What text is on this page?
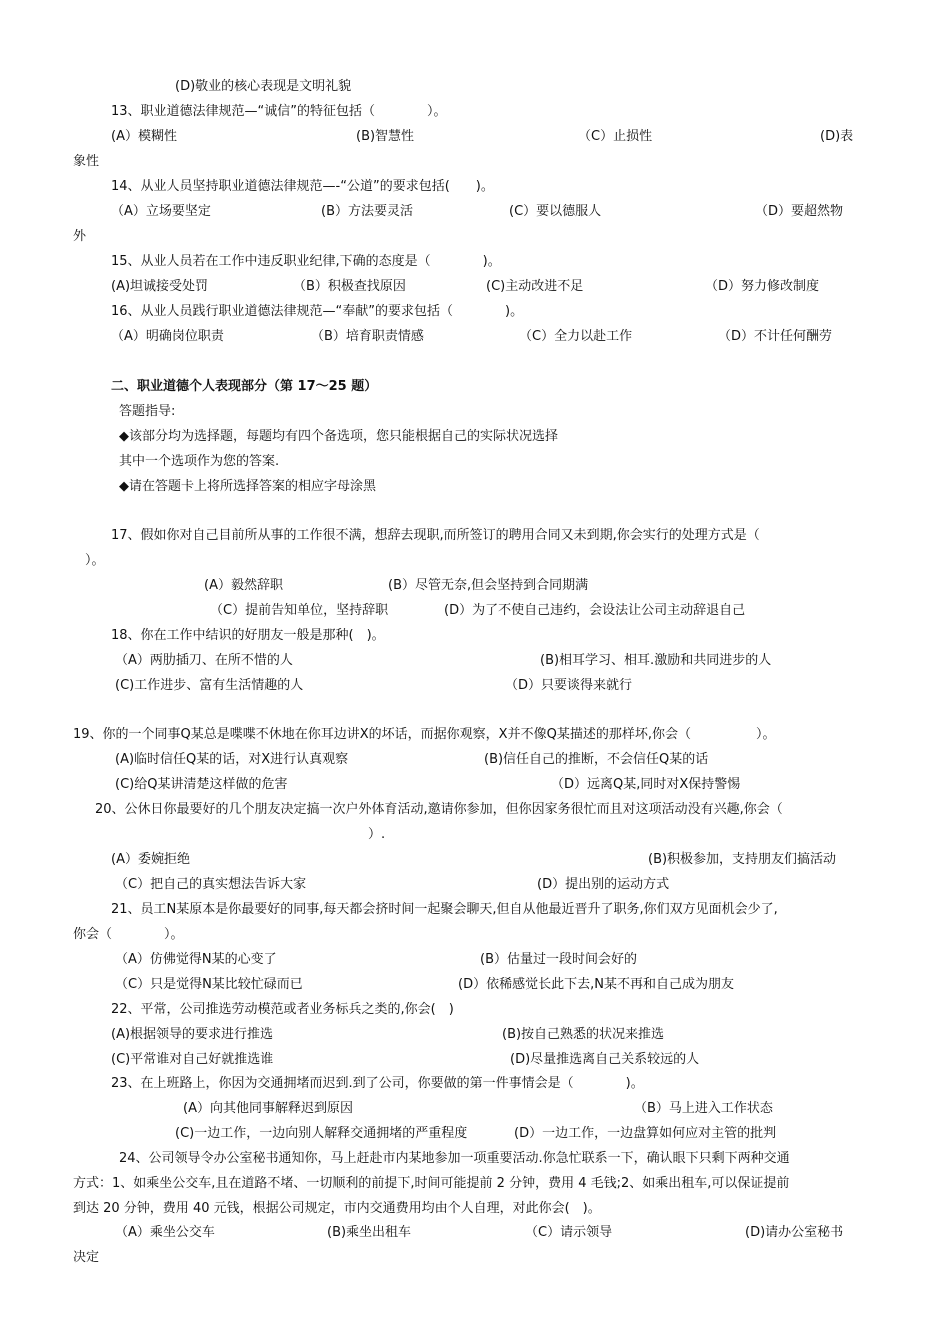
(D)敬业的核心表现是文明礼貌
13、职业道德法律规范—“诚信”的特征包括（　　　　）。
(A）模糊性	(B)智慧性	（C）止损性	(D)表
象性
14、从业人员坚持职业道德法律规范—-“公道”的要求包括(　　)。
（A）立场要坚定	(B）方法要灵活	(C）要以德服人	（D）要超然物
外
15、从业人员若在工作中违反职业纪律,下确的态度是（　　　　)。
(A)坦诚接受处罚	（B）积极查找原因	(C)主动改进不足	（D）努力修改制度
16、从业人员践行职业道德法律规范—“奉献”的要求包括（　　　　)。
（A）明确岗位职责	（B）培育职责情感	（C）全力以赴工作	（D）不计任何酬劳
二、职业道德个人表现部分（第 17～25 题）
答题指导:
◆该部分均为选择题，每题均有四个备选项，您只能根据自己的实际状况选择
其中一个选项作为您的答案.
◆请在答题卡上将所选择答案的相应字母涂黑
17、假如你对自己目前所从事的工作很不满，想辞去现职,而所签订的聘用合同又未到期,你会实行的处理方式是（
）。
(A）毅然辞职	(B）尽管无奈,但会坚持到合同期满
（C）提前告知单位，坚持辞职	(D）为了不使自己违约，会设法让公司主动辞退自己
18、你在工作中结识的好朋友一般是那种(　)。
（A）两肋插刀、在所不惜的人	(B)相耳学习、相耳.激励和共同进步的人
(C)工作进步、富有生活情趣的人	（D）只要谈得来就行
19、你的一个同事Q某总是喋喋不休地在你耳边讲X的坏话，而据你观察，X并不像Q某描述的那样坏,你会（　　　　　）。
(A)临时信任Q某的话，对X进行认真观察	(B)信任自己的推断，不会信任Q某的话
(C)给Q某讲清楚这样做的危害	（D）远离Q某,同时对X保持警惕
20、公休日你最要好的几个朋友决定搞一次户外体育活动,邀请你参加，但你因家务很忙而且对这项活动没有兴趣,你会（
）.
(A）委婉拒绝	(B)积极参加，支持朋友们搞活动
（C）把自己的真实想法告诉大家	(D）提出别的运动方式
21、员工N某原本是你最要好的同事,每天都会挤时间一起聚会聊天,但自从他最近晋升了职务,你们双方见面机会少了,
你会（　　　　）。
（A）仿佛觉得N某的心变了	(B）估量过一段时间会好的
（C）只是觉得N某比较忙碌而已	(D）依稀感觉长此下去,N某不再和自己成为朋友
22、平常，公司推选劳动模范或者业务标兵之类的,你会(　)
(A)根据领导的要求进行推选	(B)按自己熟悉的状况来推选
(C)平常谁对自己好就推选谁	(D)尽量推选离自己关系较远的人
23、在上班路上，你因为交通拥堵而迟到.到了公司，你要做的第一件事情会是（　　　　)。
(A）向其他同事解释迟到原因	（B）马上进入工作状态
(C)一边工作，一边向别人解释交通拥堵的严重程度	(D）一边工作，一边盘算如何应对主管的批判
24、公司领导令办公室秘书通知你，马上赶赴市内某地参加一项重要活动.你急忙联系一下，确认眼下只剩下两种交通
方式：1、如乘坐公交车,且在道路不堵、一切顺利的前提下,时间可能提前 2 分钟，费用 4 毛钱;2、如乘出租车,可以保证提前
到达 20 分钟，费用 40 元钱，根据公司规定，市内交通费用均由个人自理，对此你会(　)。
（A）乘坐公交车	(B)乘坐出租车	（C）请示领导	(D)请办公室秘书
决定
